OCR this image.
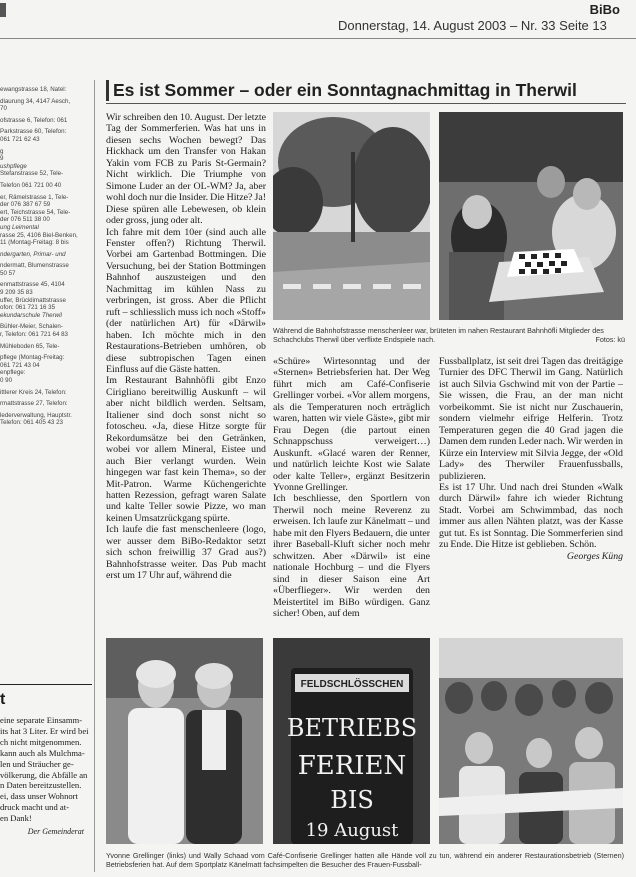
Donnerstag, 14. August 2003 – Nr. 33 Seite 13
BiBo
ewangstrasse 18, Natel:
dlaurung 34, 4147 Aesch,
70
ofstrasse 6, Telefon: 061
Parkstrasse 60, Telefon:
061 721 62 43
g
9
ushpflege
Stefanstrasse 52, Tele-
Telefon 061 721 00 40
er, Rämelstrasse 1, Tele-
der 076 387 67 59
ert, Teichstrasse 54, Tele-
der 076 511 38 00
ung Leimental
rasse 25, 4106 Biel-Benken,
11 (Montag-Freitag: 8 bis
ndergarten, Primar- und
ndermatt, Blumenstrasse
50 57
enmattstrasse 45, 4104
9 209 35 83
uffer, Brücklimattstrasse
ofon: 061 721 16 35
ekundarschule Therwil
Bühler-Meier, Schalen-
r, Telefon: 061 721 64 83
Mühleboden 65, Tele-
pflege (Montag-Freitag:
061 721 43 04
enpflege:
0 90
ittlerer Kreis 24, Telefon:
rmattstrasse 27, Telefon:
lederverwaltung, Hauptstr.
Telefon: 061 405 43 23
t
eine separate Einsamm-
its hat 3 Liter. Er wird bei
ch nicht mitgenommen.
kann auch als Mulchma-
len und Sträucher ge-
völkerung, die Abfälle an
n Daten bereitzustellen.
ei, dass unser Wohnort
druck macht und at-
en Dank!
Der Gemeinderat
Es ist Sommer – oder ein Sonntagnachmittag in Therwil

Wir schreiben den 10. August. Der letzte Tag der Sommerferien. Was hat uns in diesen sechs Wochen bewegt? Das Hickhack um den Transfer von Hakan Yakin vom FCB zu Paris St-Germain? Nicht wirklich. Die Triumphe von Simone Luder an der OL-WM? Ja, aber wohl doch nur die Insider. Die Hitze? Ja! Diese spüren alle Lebewesen, ob klein oder gross, jung oder alt.

Ich fahre mit dem 10er (sind auch alle Fenster offen?) Richtung Therwil. Vorbei am Gartenbad Bottmingen. Die Versuchung, bei der Station Bottmingen Bahnhof auszusteigen und den Nachmittag im kühlen Nass zu verbringen, ist gross. Aber die Pflicht ruft – schliesslich muss ich noch «Stoff» (der natürlichen Art) für «Därwil» haben. Ich möchte mich in den Restaurations-Betrieben umhören, ob diese subtropischen Tagen einen Einfluss auf die Gäste hatten.

Im Restaurant Bahnhöfli gibt Enzo Cirigliano bereitwillig Auskunft – wil aber nicht bildlich werden. Seltsam, Italiener sind doch sonst nicht so fotoscheu. «Ja, diese Hitze sorgte für Rekordumsätze bei den Getränken, wobei vor allem Mineral, Eistee und auch Bier verlangt wurden. Wein hingegen war fast kein Thema», so der Mit-Patron. Warme Küchengerichte hatten Rezession, gefragt waren Salate und kalte Teller sowie Pizze, wo man keinen Umsatzrückgang spürte.

Ich laufe die fast menschenleere (logo, wer ausser dem BiBo-Redaktor setzt sich schon freiwillig 37 Grad aus?) Bahnhofstrasse weiter. Das Pub macht erst um 17 Uhr auf, während die

Während die Bahnhofstrasse menschenleer war, brüteten im nahen Restaurant Bahnhöfli Mitglieder des Schachclubs Therwil über verflixte Endspiele nach.	Fotos: kü

«Schüre» Wirtesonntag und der «Sternen» Betriebsferien hat. Der Weg führt mich am Café-Confiserie Grellinger vorbei. «Vor allem morgens, als die Temperaturen noch erträglich waren, hatten wir viele Gäste», gibt mir Frau Degen (die partout einen Schnappschuss verweigert…) Auskunft. «Glacé waren der Renner, und natürlich leichte Kost wie Salate oder kalte Teller», ergänzt Besitzerin Yvonne Grellinger.

Ich beschliesse, den Sportlern von Therwil noch meine Reverenz zu erweisen. Ich laufe zur Känelmatt – und habe mit den Flyers Bedauern, die unter ihrer Baseball-Kluft sicher noch mehr schwitzen. Aber «Därwil» ist eine nationale Hochburg – und die Flyers sind in dieser Saison eine Art «Überflieger». Wir werden den Meistertitel im BiBo würdigen. Ganz sicher! Oben, auf dem

Fussballplatz, ist seit drei Tagen das dreitägige Turnier des DFC Therwil im Gang. Natürlich ist auch Silvia Gschwind mit von der Partie – Sie wissen, die Frau, an der man nicht vorbeikommt. Sie ist nicht nur Zuschauerin, sondern vielmehr eifrige Helferin. Trotz Temperaturen gegen die 40 Grad jagen die Damen dem runden Leder nach. Wir werden in Kürze ein Interview mit Silvia Jegge, der «Old Lady» des Therwiler Frauenfussballs, publizieren.

Es ist 17 Uhr. Und nach drei Stunden «Walk durch Därwil» fahre ich wieder Richtung Stadt. Vorbei am Schwimmbad, das noch immer aus allen Nähten platzt, was der Kasse gut tut. Es ist Sonntag. Die Sommerferien sind zu Ende. Die Hitze ist geblieben. Schön.

Georges Küng
FELDSCHLÖSSCHEN
BETRIEBS
FERIEN
BIS
19 August
Yvonne Grellinger (links) und Wally Schaad vom Café-Confiserie Grellinger hatten alle Hände voll zu tun, während ein anderer Restaurationsbetrieb (Sternen) Betriebsferien hat. Auf dem Sportplatz Känelmatt fachsimpelten die Besucher des Frauen-Fussball-
